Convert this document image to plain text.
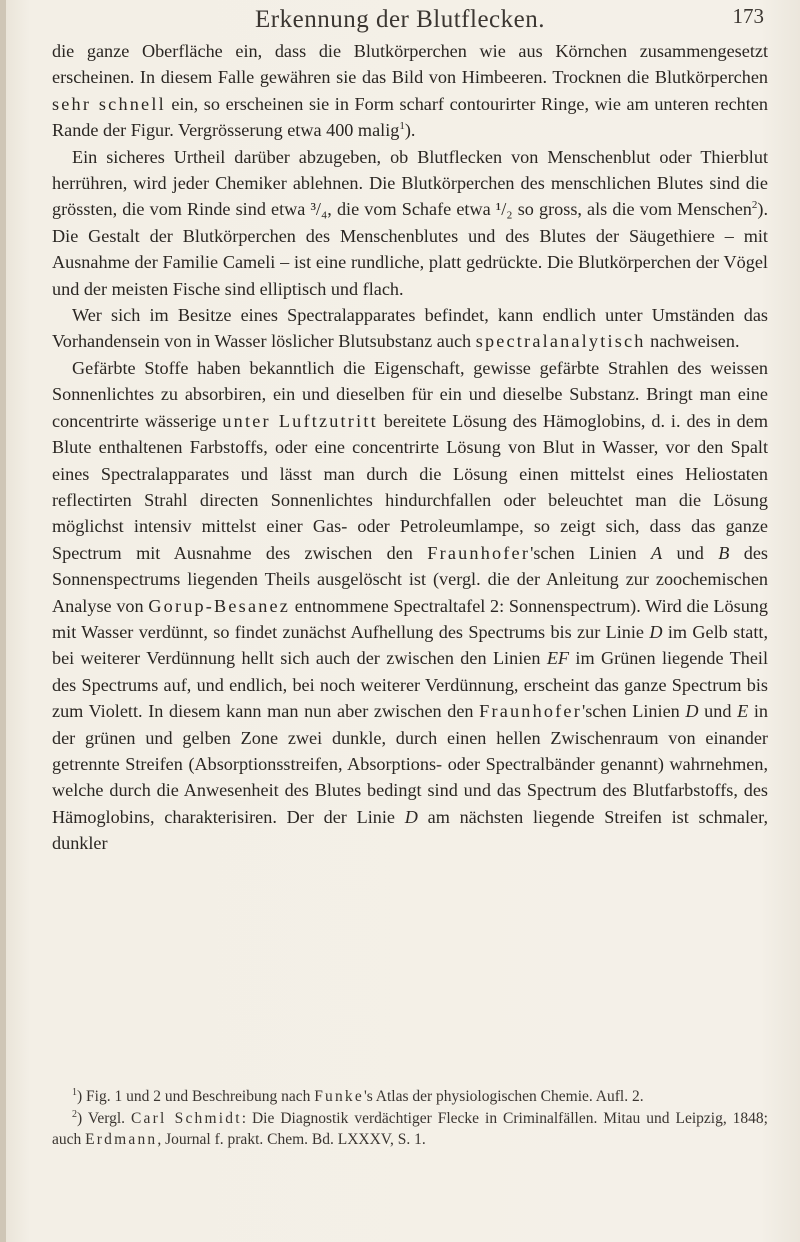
Erkennung der Blutflecken.	173

die ganze Oberfläche ein, dass die Blutkörperchen wie aus Körnchen zusammengesetzt erscheinen. In diesem Falle gewähren sie das Bild von Himbeeren. Trocknen die Blutkörperchen sehr schnell ein, so erscheinen sie in Form scharf contourirter Ringe, wie am unteren rechten Rande der Figur. Vergrösserung etwa 400 malig$^1$).

Ein sicheres Urtheil darüber abzugeben, ob Blutflecken von Menschenblut oder Thierblut herrühren, wird jeder Chemiker ablehnen. Die Blutkörperchen des menschlichen Blutes sind die grössten, die vom Rinde sind etwa ³/₄, die vom Schafe etwa ¹/₂ so gross, als die vom Menschen$^2$). Die Gestalt der Blutkörperchen des Menschenblutes und des Blutes der Säugethiere – mit Ausnahme der Familie Cameli – ist eine rundliche, platt gedrückte. Die Blutkörperchen der Vögel und der meisten Fische sind elliptisch und flach.

Wer sich im Besitze eines Spectralapparates befindet, kann endlich unter Umständen das Vorhandensein von in Wasser löslicher Blutsubstanz auch spectralanalytisch nachweisen.

Gefärbte Stoffe haben bekanntlich die Eigenschaft, gewisse gefärbte Strahlen des weissen Sonnenlichtes zu absorbiren, ein und dieselben für ein und dieselbe Substanz. Bringt man eine concentrirte wässerige unter Luftzutritt bereitete Lösung des Hämoglobins, d. i. des in dem Blute enthaltenen Farbstoffs, oder eine concentrirte Lösung von Blut in Wasser, vor den Spalt eines Spectralapparates und lässt man durch die Lösung einen mittelst eines Heliostaten reflectirten Strahl directen Sonnenlichtes hindurchfallen oder beleuchtet man die Lösung möglichst intensiv mittelst einer Gas- oder Petroleumlampe, so zeigt sich, dass das ganze Spectrum mit Ausnahme des zwischen den Fraunhofer'schen Linien A und B des Sonnenspectrums liegenden Theils ausgelöscht ist (vergl. die der Anleitung zur zoochemischen Analyse von Gorup-Besanez entnommene Spectraltafel 2: Sonnenspectrum). Wird die Lösung mit Wasser verdünnt, so findet zunächst Aufhellung des Spectrums bis zur Linie D im Gelb statt, bei weiterer Verdünnung hellt sich auch der zwischen den Linien EF im Grünen liegende Theil des Spectrums auf, und endlich, bei noch weiterer Verdünnung, erscheint das ganze Spectrum bis zum Violett. In diesem kann man nun aber zwischen den Fraunhofer'schen Linien D und E in der grünen und gelben Zone zwei dunkle, durch einen hellen Zwischenraum von einander getrennte Streifen (Absorptionsstreifen, Absorptions- oder Spectralbänder genannt) wahrnehmen, welche durch die Anwesenheit des Blutes bedingt sind und das Spectrum des Blutfarbstoffs, des Hämoglobins, charakterisiren. Der der Linie D am nächsten liegende Streifen ist schmaler, dunkler

$^1$) Fig. 1 und 2 und Beschreibung nach Funke's Atlas der physiologischen Chemie. Aufl. 2.

$^2$) Vergl. Carl Schmidt: Die Diagnostik verdächtiger Flecke in Criminalfällen. Mitau und Leipzig, 1848; auch Erdmann, Journal f. prakt. Chem. Bd. LXXXV, S. 1.
